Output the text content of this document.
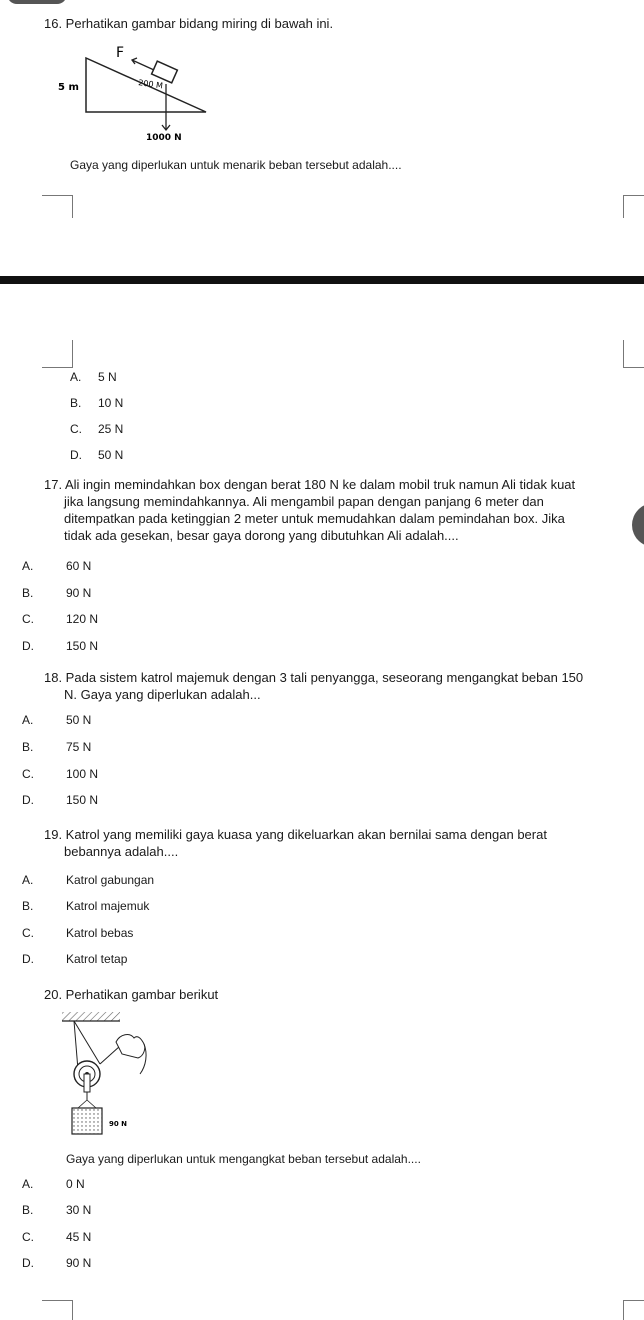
16. Perhatikan gambar bidang miring di bawah ini.
F
5 m	200 M
1000 N
Gaya yang diperlukan untuk menarik beban tersebut adalah....
A. 5 N
B. 10 N
C. 25 N
D. 50 N
17. Ali ingin memindahkan box dengan berat 180 N ke dalam mobil truk namun Ali tidak kuat
jika langsung memindahkannya. Ali mengambil papan dengan panjang 6 meter dan
ditempatkan pada ketinggian 2 meter untuk memudahkan dalam pemindahan box. Jika
tidak ada gesekan, besar gaya dorong yang dibutuhkan Ali adalah....
A.	60 N
B.	90 N
C.	120 N
D.	150 N
18. Pada sistem katrol majemuk dengan 3 tali penyangga, seseorang mengangkat beban 150
N. Gaya yang diperlukan adalah...
A.	50 N
B.	75 N
C.	100 N
D.	150 N
19. Katrol yang memiliki gaya kuasa yang dikeluarkan akan bernilai sama dengan berat
bebannya adalah....
A.	Katrol gabungan
B.	Katrol majemuk
C.	Katrol bebas
D.	Katrol tetap
20. Perhatikan gambar berikut
90 N
Gaya yang diperlukan untuk mengangkat beban tersebut adalah....
A.	0 N
B.	30 N
C.	45 N
D.	90 N
